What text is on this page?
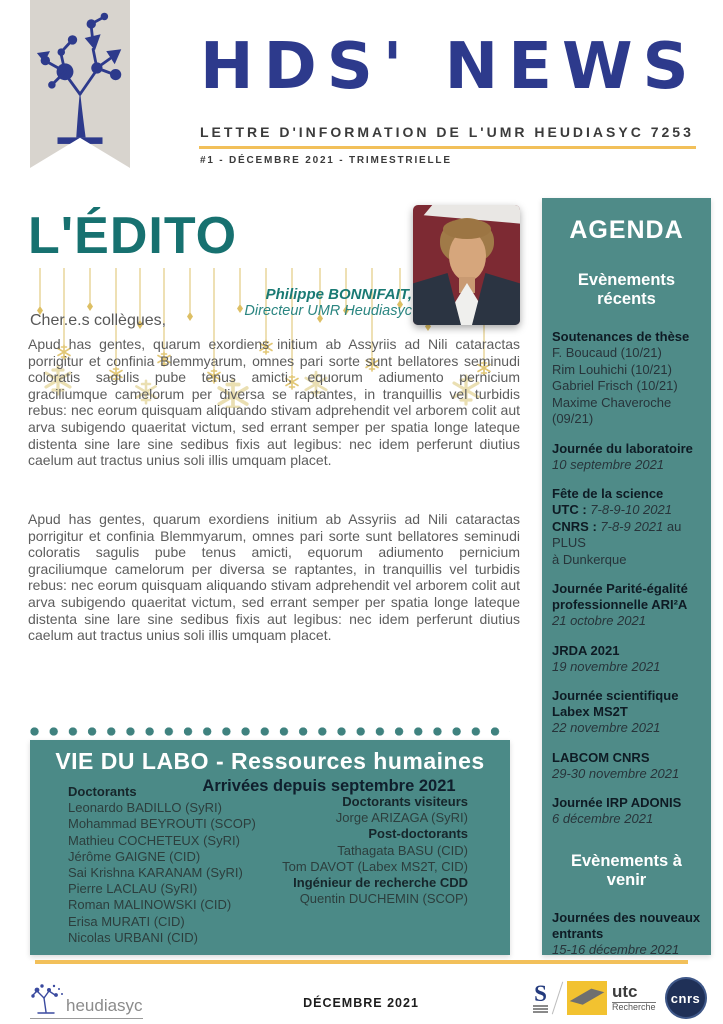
HDS' NEWS
LETTRE D'INFORMATION DE L'UMR HEUDIASYC 7253
#1 - DÉCEMBRE 2021 - TRIMESTRIELLE
L'ÉDITO
Cher.e.s collègues,
Philippe BONNIFAIT,
Directeur UMR Heudiasyc
Apud has gentes, quarum exordiens initium ab Assyriis ad Nili cataractas porrigitur et confinia Blemmyarum, omnes pari sorte sunt bellatores seminudi coloratis sagulis pube tenus amicti, equorum adiumento pernicium graciliumque camelorum per diversa se raptantes, in tranquillis vel turbidis rebus: nec eorum quisquam aliquando stivam adprehendit vel arborem colit aut arva subigendo quaeritat victum, sed errant semper per spatia longe lateque distenta sine lare sine sedibus fixis aut legibus: nec idem perferunt diutius caelum aut tractus unius soli illis umquam placet.
Apud has gentes, quarum exordiens initium ab Assyriis ad Nili cataractas porrigitur et confinia Blemmyarum, omnes pari sorte sunt bellatores seminudi coloratis sagulis pube tenus amicti, equorum adiumento pernicium graciliumque camelorum per diversa se raptantes, in tranquillis vel turbidis rebus: nec eorum quisquam aliquando stivam adprehendit vel arborem colit aut arva subigendo quaeritat victum, sed errant semper per spatia longe lateque distenta sine lare sine sedibus fixis aut legibus: nec idem perferunt diutius caelum aut tractus unius soli illis umquam placet.
VIE DU LABO - Ressources humaines
Arrivées depuis septembre 2021
Doctorants
Leonardo BADILLO (SyRI)
Mohammad BEYROUTI (SCOP)
Mathieu COCHETEUX (SyRI)
Jérôme GAIGNE (CID)
Sai Krishna KARANAM (SyRI)
Pierre LACLAU (SyRI)
Roman MALINOWSKI (CID)
Erisa MURATI (CID)
Nicolas URBANI (CID)
Doctorants visiteurs
Jorge ARIZAGA (SyRI)
Post-doctorants
Tathagata BASU (CID)
Tom DAVOT (Labex MS2T, CID)
Ingénieur de recherche CDD
Quentin DUCHEMIN (SCOP)
AGENDA
Evènements récents
Soutenances de thèse
F. Boucaud (10/21)
Rim Louhichi (10/21)
Gabriel Frisch (10/21)
Maxime Chaveroche (09/21)
Journée du laboratoire
10 septembre 2021
Fête de la science
UTC : 7-8-9-10 2021
CNRS : 7-8-9 2021 au PLUS
à Dunkerque
Journée Parité-égalité professionnelle ARI²A
21 octobre 2021
JRDA 2021
19 novembre 2021
Journée scientifique Labex MS2T
22 novembre 2021
LABCOM CNRS
29-30 novembre 2021
Journée IRP ADONIS
6 décembre 2021
Evènements à venir
Journées des nouveaux entrants
15-16 décembre 2021
heudiasyc	DÉCEMBRE 2021	S	utc
Recherche
cnrs
